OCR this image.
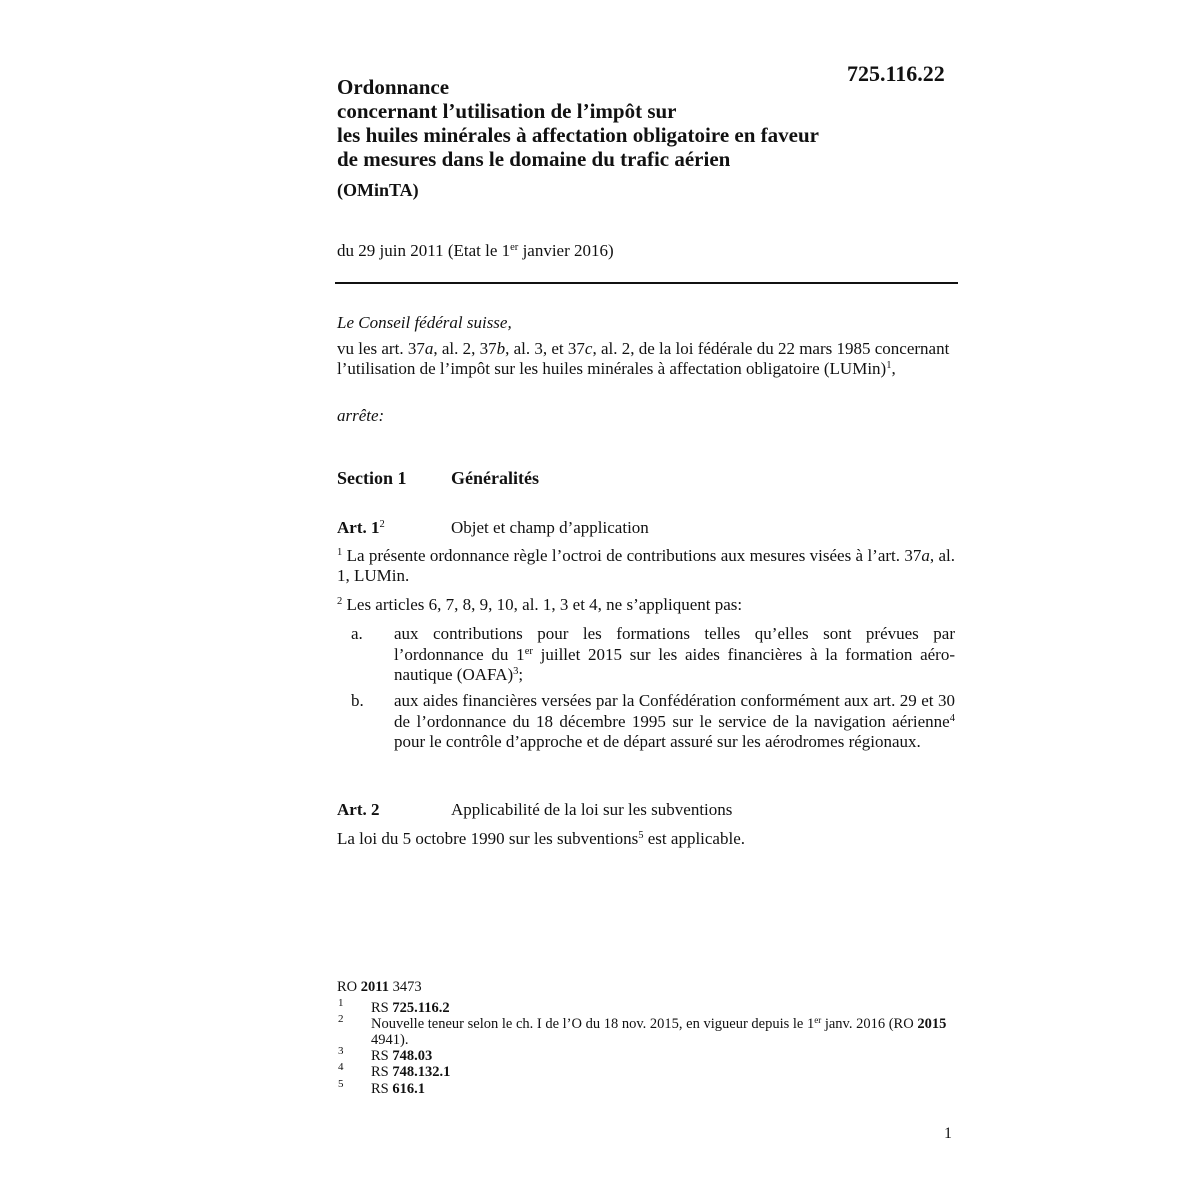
725.116.22
Ordonnance
concernant l’utilisation de l’impôt sur
les huiles minérales à affectation obligatoire en faveur
de mesures dans le domaine du trafic aérien
(OMinTA)
du 29 juin 2011 (Etat le 1er janvier 2016)
Le Conseil fédéral suisse,
vu les art. 37a, al. 2, 37b, al. 3, et 37c, al. 2, de la loi fédérale du 22 mars 1985 concernant l’utilisation de l’impôt sur les huiles minérales à affectation obligatoire (LUMin)$^1$,
arrête:
Section 1 Généralités
Art. $1^2$	Objet et champ d’application
$^1$ La présente ordonnance règle l’octroi de contributions aux mesures visées à l’art. 37a, al. 1, LUMin.
$^2$ Les articles 6, 7, 8, 9, 10, al. 1, 3 et 4, ne s’appliquent pas:
a. aux contributions pour les formations telles qu’elles sont prévues par l’ordonnance du 1er juillet 2015 sur les aides financières à la formation aéronautique (OAFA)$^3$;
b. aux aides financières versées par la Confédération conformément aux art. 29 et 30 de l’ordonnance du 18 décembre 1995 sur le service de la navigation aérienne$^4$ pour le contrôle d’approche et de départ assuré sur les aérodromes régionaux.
Art. 2	Applicabilité de la loi sur les subventions
La loi du 5 octobre 1990 sur les subventions$^5$ est applicable.
RO 2011 3473
1 RS 725.116.2
2 Nouvelle teneur selon le ch. I de l’O du 18 nov. 2015, en vigueur depuis le 1er janv. 2016 (RO 2015 4941).
3 RS 748.03
4 RS 748.132.1
5 RS 616.1
1
